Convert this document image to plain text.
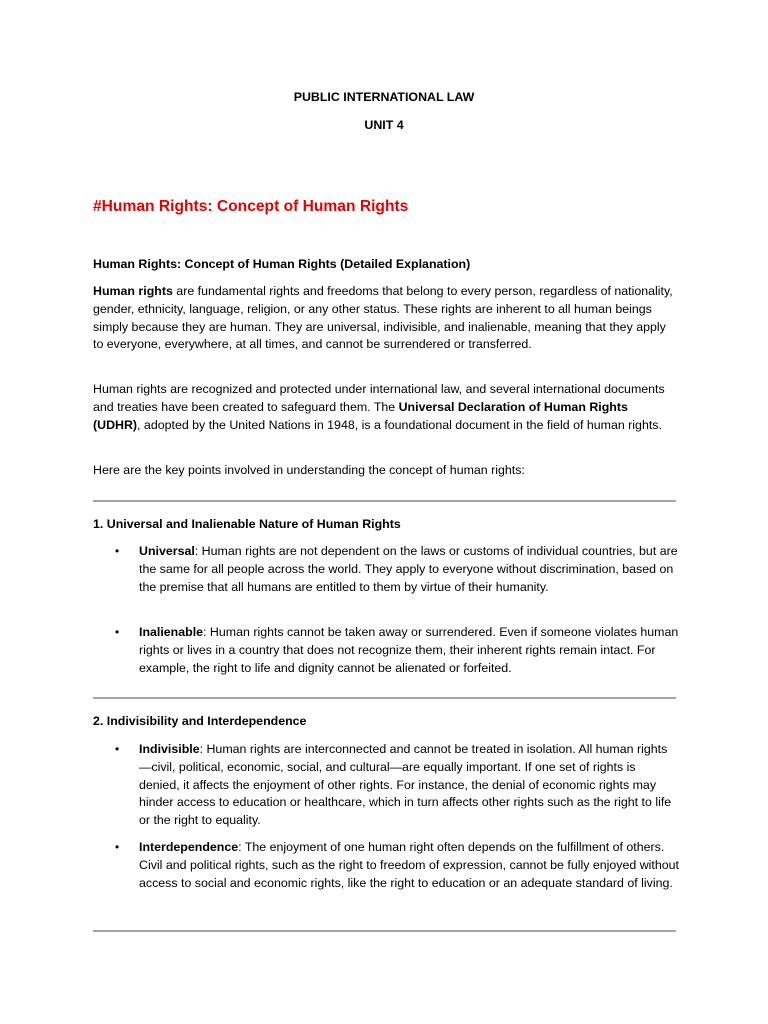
PUBLIC INTERNATIONAL LAW
UNIT 4
#Human Rights: Concept of Human Rights
Human Rights: Concept of Human Rights (Detailed Explanation)

Human rights are fundamental rights and freedoms that belong to every person, regardless of nationality, gender, ethnicity, language, religion, or any other status. These rights are inherent to all human beings simply because they are human. They are universal, indivisible, and inalienable, meaning that they apply to everyone, everywhere, at all times, and cannot be surrendered or transferred.

Human rights are recognized and protected under international law, and several international documents and treaties have been created to safeguard them. The Universal Declaration of Human Rights (UDHR), adopted by the United Nations in 1948, is a foundational document in the field of human rights.

Here are the key points involved in understanding the concept of human rights:

1. Universal and Inalienable Nature of Human Rights
• Universal: Human rights are not dependent on the laws or customs of individual countries, but are the same for all people across the world. They apply to everyone without discrimination, based on the premise that all humans are entitled to them by virtue of their humanity.
• Inalienable: Human rights cannot be taken away or surrendered. Even if someone violates human rights or lives in a country that does not recognize them, their inherent rights remain intact. For example, the right to life and dignity cannot be alienated or forfeited.
2. Indivisibility and Interdependence
• Indivisible: Human rights are interconnected and cannot be treated in isolation. All human rights—civil, political, economic, social, and cultural—are equally important. If one set of rights is denied, it affects the enjoyment of other rights. For instance, the denial of economic rights may hinder access to education or healthcare, which in turn affects other rights such as the right to life or the right to equality.
• Interdependence: The enjoyment of one human right often depends on the fulfillment of others. Civil and political rights, such as the right to freedom of expression, cannot be fully enjoyed without access to social and economic rights, like the right to education or an adequate standard of living.
